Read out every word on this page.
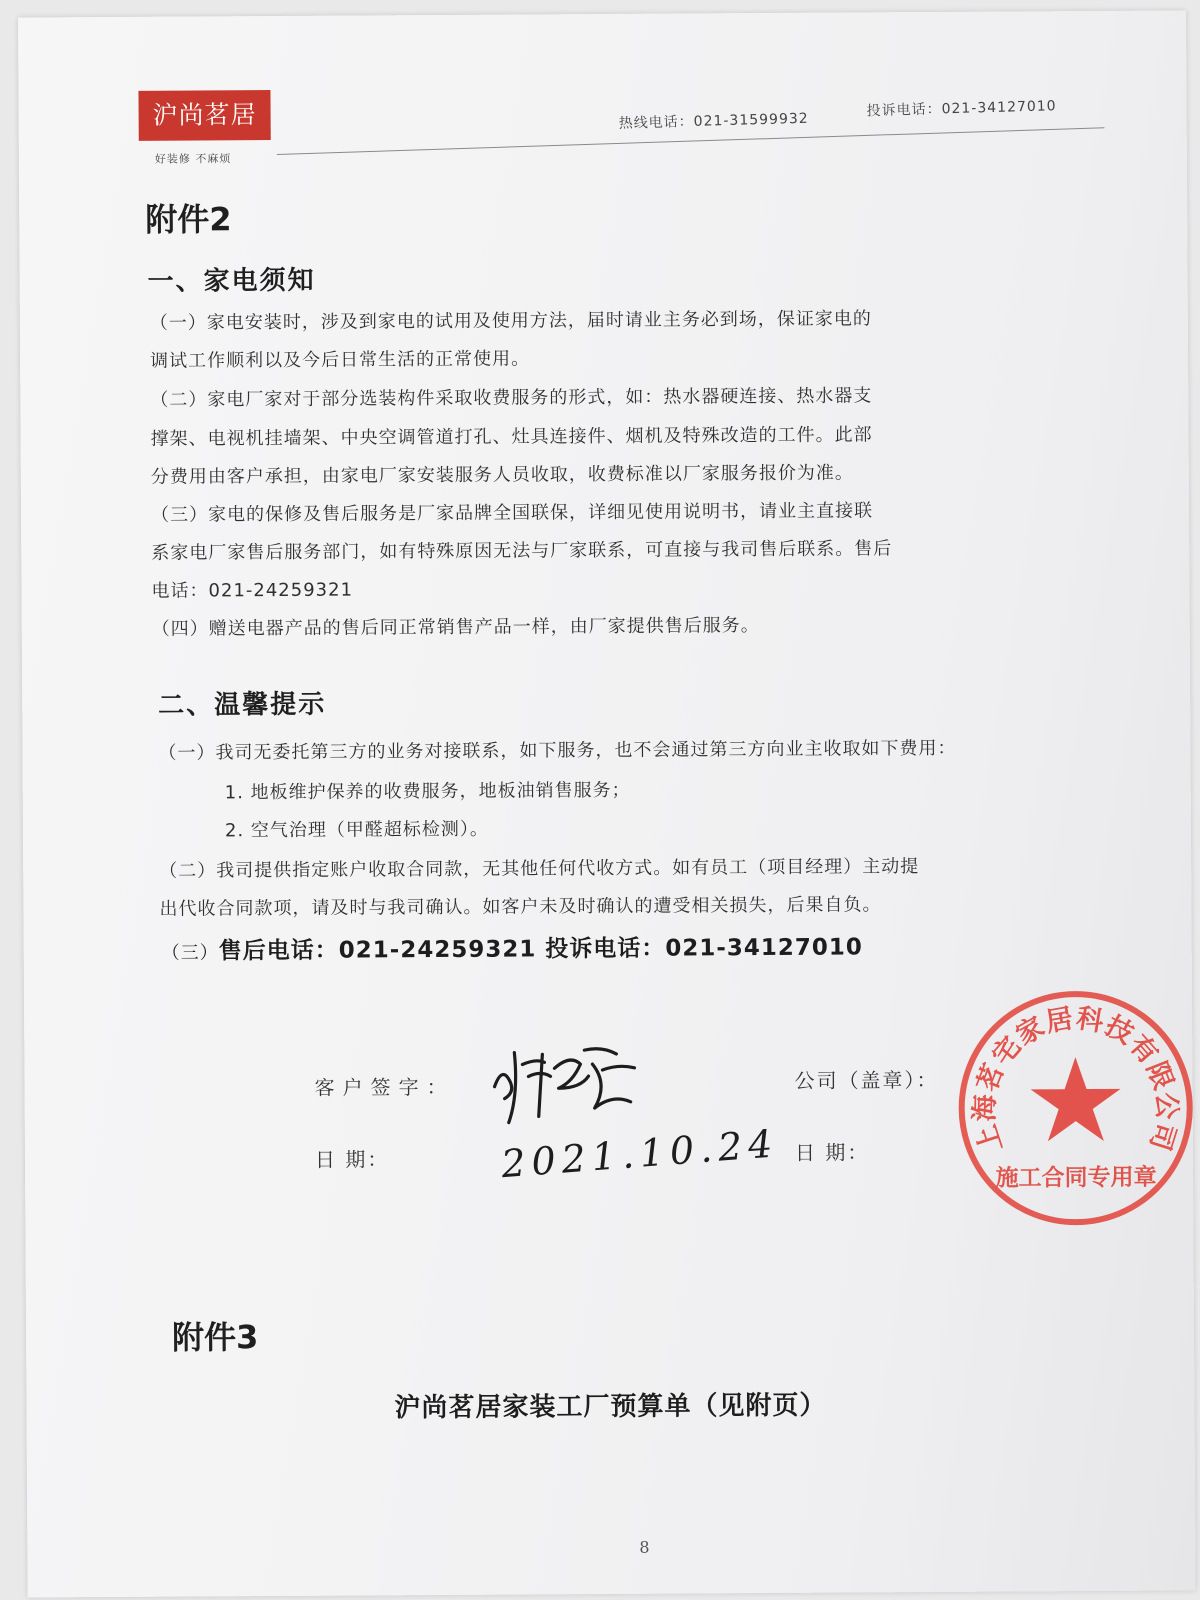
沪尚茗居
好装修 不麻烦
热线电话：021-31599932
投诉电话：021-34127010
附件2
一、家电须知
（一）家电安装时，涉及到家电的试用及使用方法，届时请业主务必到场，保证家电的
调试工作顺利以及今后日常生活的正常使用。
（二）家电厂家对于部分选装构件采取收费服务的形式，如：热水器硬连接、热水器支
撑架、电视机挂墙架、中央空调管道打孔、灶具连接件、烟机及特殊改造的工件。此部
分费用由客户承担，由家电厂家安装服务人员收取，收费标准以厂家服务报价为准。
（三）家电的保修及售后服务是厂家品牌全国联保，详细见使用说明书，请业主直接联
系家电厂家售后服务部门，如有特殊原因无法与厂家联系，可直接与我司售后联系。售后
电话：021-24259321
（四）赠送电器产品的售后同正常销售产品一样，由厂家提供售后服务。
二、温馨提示
（一）我司无委托第三方的业务对接联系，如下服务，也不会通过第三方向业主收取如下费用：
1. 地板维护保养的收费服务，地板油销售服务；
2. 空气治理（甲醛超标检测）。
（二）我司提供指定账户收取合同款，无其他任何代收方式。如有员工（项目经理）主动提
出代收合同款项，请及时与我司确认。如客户未及时确认的遭受相关损失，后果自负。
（三）售后电话：021-24259321 投诉电话：021-34127010
客户签字：
日 期：
公司（盖章）：
日 期：
2021.10.24	上海茗宅家居科技有限公司
施工合同专用章
附件3
沪尚茗居家装工厂预算单（见附页）
8
